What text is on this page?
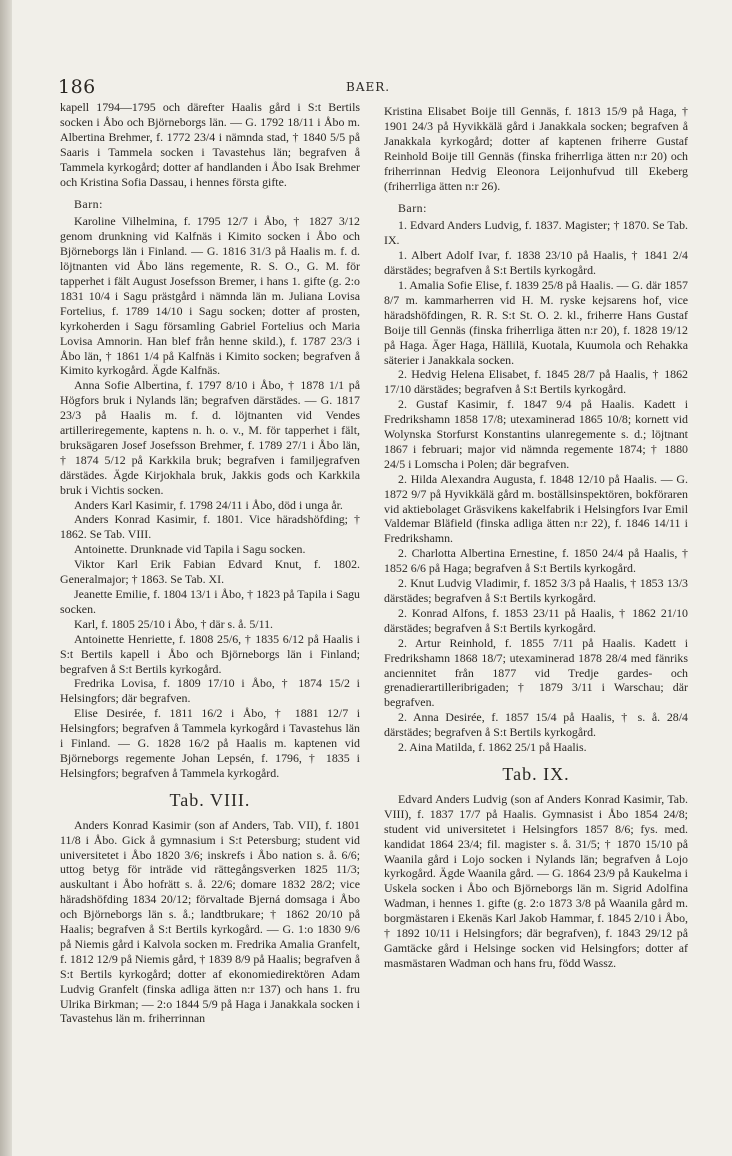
186	BAER.

kapell 1794—1795 och därefter Haalis gård i S:t Bertils socken i Åbo och Björneborgs län. — G. 1792 18/11 i Åbo m. Albertina Brehmer, f. 1772 23/4 i nämnda stad, † 1840 5/5 på Saaris i Tammela socken i Tavastehus län; begrafven å Tammela kyrkogård; dotter af handlanden i Åbo Isak Brehmer och Kristina Sofia Dassau, i hennes första gifte.

Barn:

Karoline Vilhelmina, f. 1795 12/7 i Åbo, † 1827 3/12 genom drunkning vid Kalfnäs i Kimito socken i Åbo och Björneborgs län i Finland. — G. 1816 31/3 på Haalis m. f. d. löjtnanten vid Åbo läns regemente, R. S. O., G. M. för tapperhet i fält August Josefsson Bremer, i hans 1. gifte (g. 2:o 1831 10/4 i Sagu prästgård i nämnda län m. Juliana Lovisa Fortelius, f. 1789 14/10 i Sagu socken; dotter af prosten, kyrkoherden i Sagu församling Gabriel Fortelius och Maria Lovisa Amnorin. Han blef från henne skild.), f. 1787 23/3 i Åbo län, † 1861 1/4 på Kalfnäs i Kimito socken; begrafven å Kimito kyrkogård. Ägde Kalfnäs.

Anna Sofie Albertina, f. 1797 8/10 i Åbo, † 1878 1/1 på Högfors bruk i Nylands län; begrafven därstädes. — G. 1817 23/3 på Haalis m. f. d. löjtnanten vid Vendes artilleriregemente, kaptens n. h. o. v., M. för tapperhet i fält, bruksägaren Josef Josefsson Brehmer, f. 1789 27/1 i Åbo län, † 1874 5/12 på Karkkila bruk; begrafven i familjegrafven därstädes. Ägde Kirjokhala bruk, Jakkis gods och Karkkila bruk i Vichtis socken.

Anders Karl Kasimir, f. 1798 24/11 i Åbo, död i unga år.

Anders Konrad Kasimir, f. 1801. Vice häradshöfding; † 1862. Se Tab. VIII.

Antoinette. Drunknade vid Tapila i Sagu socken.

Viktor Karl Erik Fabian Edvard Knut, f. 1802. Generalmajor; † 1863. Se Tab. XI.

Jeanette Emilie, f. 1804 13/1 i Åbo, † 1823 på Tapila i Sagu socken.

Karl, f. 1805 25/10 i Åbo, † där s. å. 5/11.

Antoinette Henriette, f. 1808 25/6, † 1835 6/12 på Haalis i S:t Bertils kapell i Åbo och Björneborgs län i Finland; begrafven å S:t Bertils kyrkogård.

Fredrika Lovisa, f. 1809 17/10 i Åbo, † 1874 15/2 i Helsingfors; där begrafven.

Elise Desirée, f. 1811 16/2 i Åbo, † 1881 12/7 i Helsingfors; begrafven å Tammela kyrkogård i Tavastehus län i Finland. — G. 1828 16/2 på Haalis m. kaptenen vid Björneborgs regemente Johan Lepsén, f. 1796, † 1835 i Helsingfors; begrafven å Tammela kyrkogård.

Tab. VIII.

Anders Konrad Kasimir (son af Anders, Tab. VII), f. 1801 11/8 i Åbo. Gick å gymnasium i S:t Petersburg; student vid universitetet i Åbo 1820 3/6; inskrefs i Åbo nation s. å. 6/6; uttog betyg för inträde vid rättegångsverken 1825 11/3; auskultant i Åbo hofrätt s. å. 22/6; domare 1832 28/2; vice häradshöfding 1834 20/12; förvaltade Bjerná domsaga i Åbo och Björneborgs län s. å.; landtbrukare; † 1862 20/10 på Haalis; begrafven å S:t Bertils kyrkogård. — G. 1:o 1830 9/6 på Niemis gård i Kalvola socken m. Fredrika Amalia Granfelt, f. 1812 12/9 på Niemis gård, † 1839 8/9 på Haalis; begrafven å S:t Bertils kyrkogård; dotter af ekonomiedirektören Adam Ludvig Granfelt (finska adliga ätten n:r 137) och hans 1. fru Ulrika Birkman; — 2:o 1844 5/9 på Haga i Janakkala socken i Tavastehus län m. friherrinnan

Kristina Elisabet Boije till Gennäs, f. 1813 15/9 på Haga, † 1901 24/3 på Hyvikkälä gård i Janakkala socken; begrafven å Janakkala kyrkogård; dotter af kaptenen friherre Gustaf Reinhold Boije till Gennäs (finska friherrliga ätten n:r 20) och friherrinnan Hedvig Eleonora Leijonhufvud till Ekeberg (friherrliga ätten n:r 26).

Barn:

1. Edvard Anders Ludvig, f. 1837. Magister; † 1870. Se Tab. IX.

1. Albert Adolf Ivar, f. 1838 23/10 på Haalis, † 1841 2/4 därstädes; begrafven å S:t Bertils kyrkogård.

1. Amalia Sofie Elise, f. 1839 25/8 på Haalis. — G. där 1857 8/7 m. kammarherren vid H. M. ryske kejsarens hof, vice häradshöfdingen, R. R. S:t St. O. 2. kl., friherre Hans Gustaf Boije till Gennäs (finska friherrliga ätten n:r 20), f. 1828 19/12 på Haga. Äger Haga, Hällilä, Kuotala, Kuumola och Rehakka säterier i Janakkala socken.

2. Hedvig Helena Elisabet, f. 1845 28/7 på Haalis, † 1862 17/10 därstädes; begrafven å S:t Bertils kyrkogård.

2. Gustaf Kasimir, f. 1847 9/4 på Haalis. Kadett i Fredrikshamn 1858 17/8; utexaminerad 1865 10/8; kornett vid Wolynska Storfurst Konstantins ulanregemente s. d.; löjtnant 1867 i februari; major vid nämnda regemente 1874; † 1880 24/5 i Lomscha i Polen; där begrafven.

2. Hilda Alexandra Augusta, f. 1848 12/10 på Haalis. — G. 1872 9/7 på Hyvikkälä gård m. boställsinspektören, bokföraren vid aktiebolaget Gräsvikens kakelfabrik i Helsingfors Ivar Emil Valdemar Bläfield (finska adliga ätten n:r 22), f. 1846 14/11 i Fredrikshamn.

2. Charlotta Albertina Ernestine, f. 1850 24/4 på Haalis, † 1852 6/6 på Haga; begrafven å S:t Bertils kyrkogård.

2. Knut Ludvig Vladimir, f. 1852 3/3 på Haalis, † 1853 13/3 därstädes; begrafven å S:t Bertils kyrkogård.

2. Konrad Alfons, f. 1853 23/11 på Haalis, † 1862 21/10 därstädes; begrafven å S:t Bertils kyrkogård.

2. Artur Reinhold, f. 1855 7/11 på Haalis. Kadett i Fredrikshamn 1868 18/7; utexaminerad 1878 28/4 med fänriks anciennitet från 1877 vid Tredje gardes- och grenadierartilleribrigaden; † 1879 3/11 i Warschau; där begrafven.

2. Anna Desirée, f. 1857 15/4 på Haalis, † s. å. 28/4 därstädes; begrafven å S:t Bertils kyrkogård.

2. Aina Matilda, f. 1862 25/1 på Haalis.

Tab. IX.

Edvard Anders Ludvig (son af Anders Konrad Kasimir, Tab. VIII), f. 1837 17/7 på Haalis. Gymnasist i Åbo 1854 24/8; student vid universitetet i Helsingfors 1857 8/6; fys. med. kandidat 1864 23/4; fil. magister s. å. 31/5; † 1870 15/10 på Waanila gård i Lojo socken i Nylands län; begrafven å Lojo kyrkogård. Ägde Waanila gård. — G. 1864 23/9 på Kaukelma i Uskela socken i Åbo och Björneborgs län m. Sigrid Adolfina Wadman, i hennes 1. gifte (g. 2:o 1873 3/8 på Waanila gård m. borgmästaren i Ekenäs Karl Jakob Hammar, f. 1845 2/10 i Åbo, † 1892 10/11 i Helsingfors; där begrafven), f. 1843 29/12 på Gamtäcke gård i Helsinge socken vid Helsingfors; dotter af masmästaren Wadman och hans fru, född Wassz.
